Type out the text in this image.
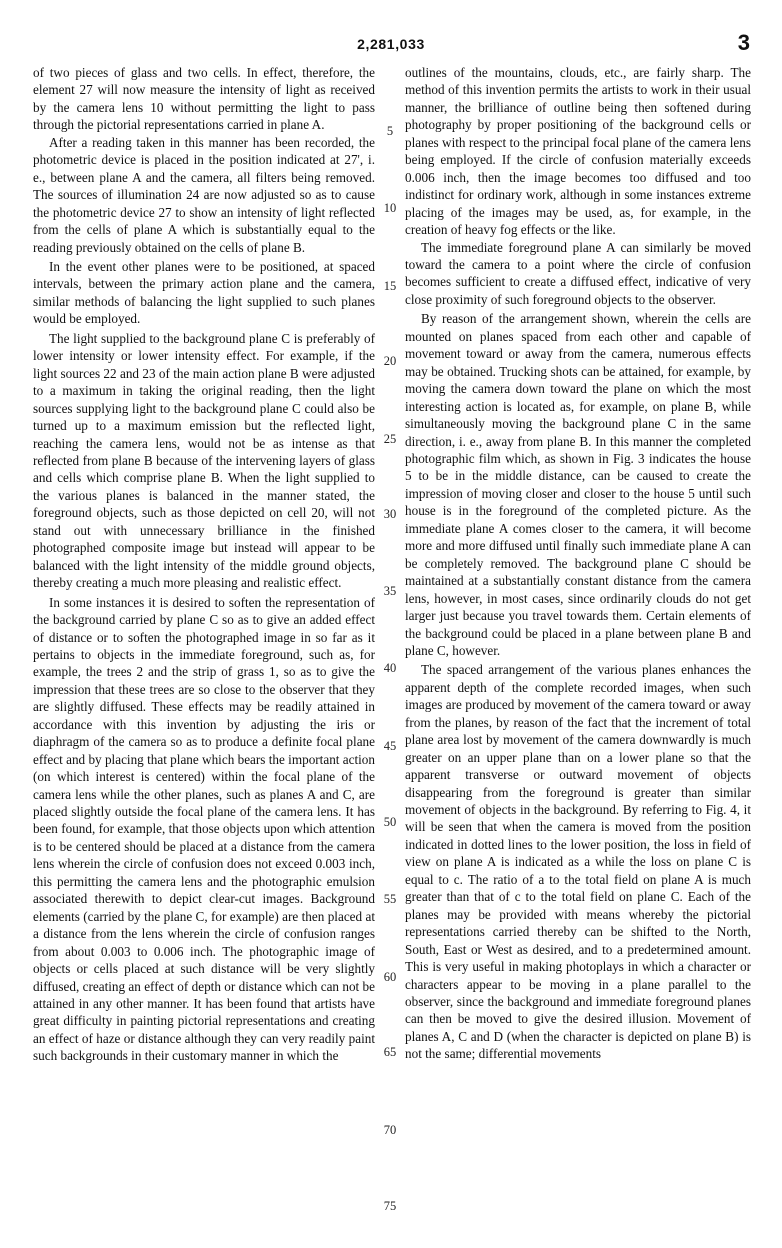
2,281,033	3

of two pieces of glass and two cells. In effect, therefore, the element 27 will now measure the intensity of light as received by the camera lens 10 without permitting the light to pass through the pictorial representations carried in plane A.

After a reading taken in this manner has been recorded, the photometric device is placed in the position indicated at 27', i. e., between plane A and the camera, all filters being removed. The sources of illumination 24 are now adjusted so as to cause the photometric device 27 to show an intensity of light reflected from the cells of plane A which is substantially equal to the reading previously obtained on the cells of plane B.

In the event other planes were to be positioned, at spaced intervals, between the primary action plane and the camera, similar methods of balancing the light supplied to such planes would be employed.

The light supplied to the background plane C is preferably of lower intensity or lower intensity effect. For example, if the light sources 22 and 23 of the main action plane B were adjusted to a maximum in taking the original reading, then the light sources supplying light to the background plane C could also be turned up to a maximum emission but the reflected light, reaching the camera lens, would not be as intense as that reflected from plane B because of the intervening layers of glass and cells which comprise plane B. When the light supplied to the various planes is balanced in the manner stated, the foreground objects, such as those depicted on cell 20, will not stand out with unnecessary brilliance in the finished photographed composite image but instead will appear to be balanced with the light intensity of the middle ground objects, thereby creating a much more pleasing and realistic effect.

In some instances it is desired to soften the representation of the background carried by plane C so as to give an added effect of distance or to soften the photographed image in so far as it pertains to objects in the immediate foreground, such as, for example, the trees 2 and the strip of grass 1, so as to give the impression that these trees are so close to the observer that they are slightly diffused. These effects may be readily attained in accordance with this invention by adjusting the iris or diaphragm of the camera so as to produce a definite focal plane effect and by placing that plane which bears the important action (on which interest is centered) within the focal plane of the camera lens while the other planes, such as planes A and C, are placed slightly outside the focal plane of the camera lens. It has been found, for example, that those objects upon which attention is to be centered should be placed at a distance from the camera lens wherein the circle of confusion does not exceed 0.003 inch, this permitting the camera lens and the photographic emulsion associated therewith to depict clear-cut images. Background elements (carried by the plane C, for example) are then placed at a distance from the lens wherein the circle of confusion ranges from about 0.003 to 0.006 inch. The photographic image of objects or cells placed at such distance will be very slightly diffused, creating an effect of depth or distance which can not be attained in any other manner. It has been found that artists have great difficulty in painting pictorial representations and creating an effect of haze or distance although they can very readily paint such backgrounds in their customary manner in which the

outlines of the mountains, clouds, etc., are fairly sharp. The method of this invention permits the artists to work in their usual manner, the brilliance of outline being then softened during photography by proper positioning of the background cells or planes with respect to the principal focal plane of the camera lens being employed. If the circle of confusion materially exceeds 0.006 inch, then the image becomes too diffused and too indistinct for ordinary work, although in some instances extreme placing of the images may be used, as, for example, in the creation of heavy fog effects or the like.

The immediate foreground plane A can similarly be moved toward the camera to a point where the circle of confusion becomes sufficient to create a diffused effect, indicative of very close proximity of such foreground objects to the observer.

By reason of the arrangement shown, wherein the cells are mounted on planes spaced from each other and capable of movement toward or away from the camera, numerous effects may be obtained. Trucking shots can be attained, for example, by moving the camera down toward the plane on which the most interesting action is located as, for example, on plane B, while simultaneously moving the background plane C in the same direction, i. e., away from plane B. In this manner the completed photographic film which, as shown in Fig. 3 indicates the house 5 to be in the middle distance, can be caused to create the impression of moving closer and closer to the house 5 until such house is in the foreground of the completed picture. As the immediate plane A comes closer to the camera, it will become more and more diffused until finally such immediate plane A can be completely removed. The background plane C should be maintained at a substantially constant distance from the camera lens, however, in most cases, since ordinarily clouds do not get larger just because you travel towards them. Certain elements of the background could be placed in a plane between plane B and plane C, however.

The spaced arrangement of the various planes enhances the apparent depth of the complete recorded images, when such images are produced by movement of the camera toward or away from the planes, by reason of the fact that the increment of total plane area lost by movement of the camera downwardly is much greater on an upper plane than on a lower plane so that the apparent transverse or outward movement of objects disappearing from the foreground is greater than similar movement of objects in the background. By referring to Fig. 4, it will be seen that when the camera is moved from the position indicated in dotted lines to the lower position, the loss in field of view on plane A is indicated as a while the loss on plane C is equal to c. The ratio of a to the total field on plane A is much greater than that of c to the total field on plane C. Each of the planes may be provided with means whereby the pictorial representations carried thereby can be shifted to the North, South, East or West as desired, and to a predetermined amount. This is very useful in making photoplays in which a character or characters appear to be moving in a plane parallel to the observer, since the background and immediate foreground planes can then be moved to give the desired illusion. Movement of planes A, C and D (when the character is depicted on plane B) is not the same; differential movements

5
10
15
20
25
30
35
40
45
50
55
60
65
70
75
